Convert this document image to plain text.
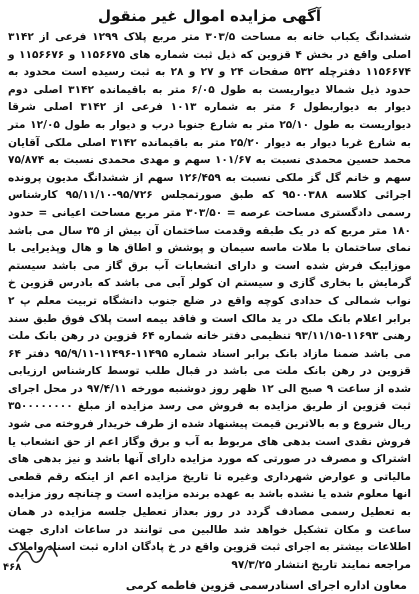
آگهی مزایده اموال غیر منقول

ششدانگ یکباب خانه به مساحت ۳۰۳/۵ متر مربع پلاک ۱۲۹۹ فرعی از ۳۱۴۲ اصلی واقع در بخش ۴ قزوین که ذیل ثبت شماره های ۱۱۵۶۶۷۵ و ۱۱۵۶۶۷۶ و ۱۱۵۶۶۷۴ دفترچله ۵۳۲ صفحات ۲۴ و ۲۷ و ۲۸ به ثبت رسیده است محدود به حدود ذیل شمالا دیواریست به طول ۶/۰۵ متر به باقیمانده ۳۱۴۲ اصلی دوم دیوار به دیواربطول ۶ متر به شماره ۱۰۱۳ فرعی از ۳۱۴۲ اصلی شرقا دیواریست به طول ۲۵/۱۰ متر به شارع جنوبا درب و دیوار به طول ۱۲/۰۵ متر به شارع غربا دیوار به دیوار ۲۵/۲۰ متر به باقیمانده ۳۱۴۲ اصلی ملکی آقایان محمد حسین محمدی نسبت به ۱۰۱/۶۷ سهم و مهدی محمدی نسبت به ۷۵/۸۷۴ سهم و خانم گل گز ملکی نسبت به ۱۲۶/۴۵۹ سهم از ششدانگ مدیون پرونده اجرائی کلاسه ۹۵۰۰۳۸۸ که طبق صورتمجلس ۹۵/۷۲۶-۹۵/۱۱/۱۰ کارشناس رسمی دادگستری مساحت عرصه = ۳۰۳/۵۰ متر مربع مساحت اعیانی = حدود ۱۸۰ متر مربع که در یک طبقه وقدمت ساختمان آن بیش از ۳۵ سال می باشد نمای ساختمان با ملات ماسه سیمان و پوشش و اطاق ها و هال وپذیرایی با موزاییک فرش شده است و دارای انشعابات آب برق گاز می باشد سیستم گرمایش با بخاری گازی و سیستم ان کولر آبی می باشد که بادرس قزوین خ نواب شمالی ک حدادی کوچه واقع در ضلع جنوب دانشگاه تربیت معلم پ ۲ برابر اعلام بانک ملک در ید مالک است و فاقد بیمه است پلاک فوق طبق سند رهنی ۱۱۶۹۳-۹۳/۱۱/۱۵ تنظیمی دفتر خانه شماره ۶۴ قزوین در رهن بانک ملت می باشد ضمنا مازاد بانک برابر اسناد شماره ۱۱۴۹۵-۱۱۴۹۶-۹۵/۹/۱۱ دفتر ۶۴ قزوین در رهن بانک ملت می باشد در قبال طلب توسط کارشناس ارزیابی شده از ساعت ۹ صبح الی ۱۲ ظهر روز دوشنبه مورخه ۹۷/۴/۱۱ در محل اجرای ثبت قزوین از طریق مزایده به فروش می رسد مزایده از مبلغ ۳۵۰۰۰۰۰۰۰۰ ریال شروع و به بالاترین قیمت پیشنهاد شده از طرف خریدار فروخته می شود فروش نقدی است بدهی های مربوط به آب و برق وگاز اعم از حق انشعاب یا اشتراک و مصرف در صورتی که مورد مزایده دارای آنها باشد و نیز بدهی های مالیاتی و عوارض شهرداری وغیره تا تاریخ مزایده اعم از اینکه رقم قطعی انها معلوم شده یا نشده باشد به عهده برنده مزایده است و چنانچه روز مزایده به تعطیل رسمی مصادف گردد در روز بعداز تعطیل جلسه مزایده در همان ساعت و مکان تشکیل خواهد شد طالبین می توانند در ساعات اداری جهت اطلاعات بیشتر به اجرای ثبت قزوین واقع در خ پادگان اداره ثبت اسناد واملاک مراجعه نمایند تاریخ انتشار ۹۷/۳/۲۵

معاون اداره اجرای اسنادرسمی قزوین فاطمه کرمی
۴۶۸
